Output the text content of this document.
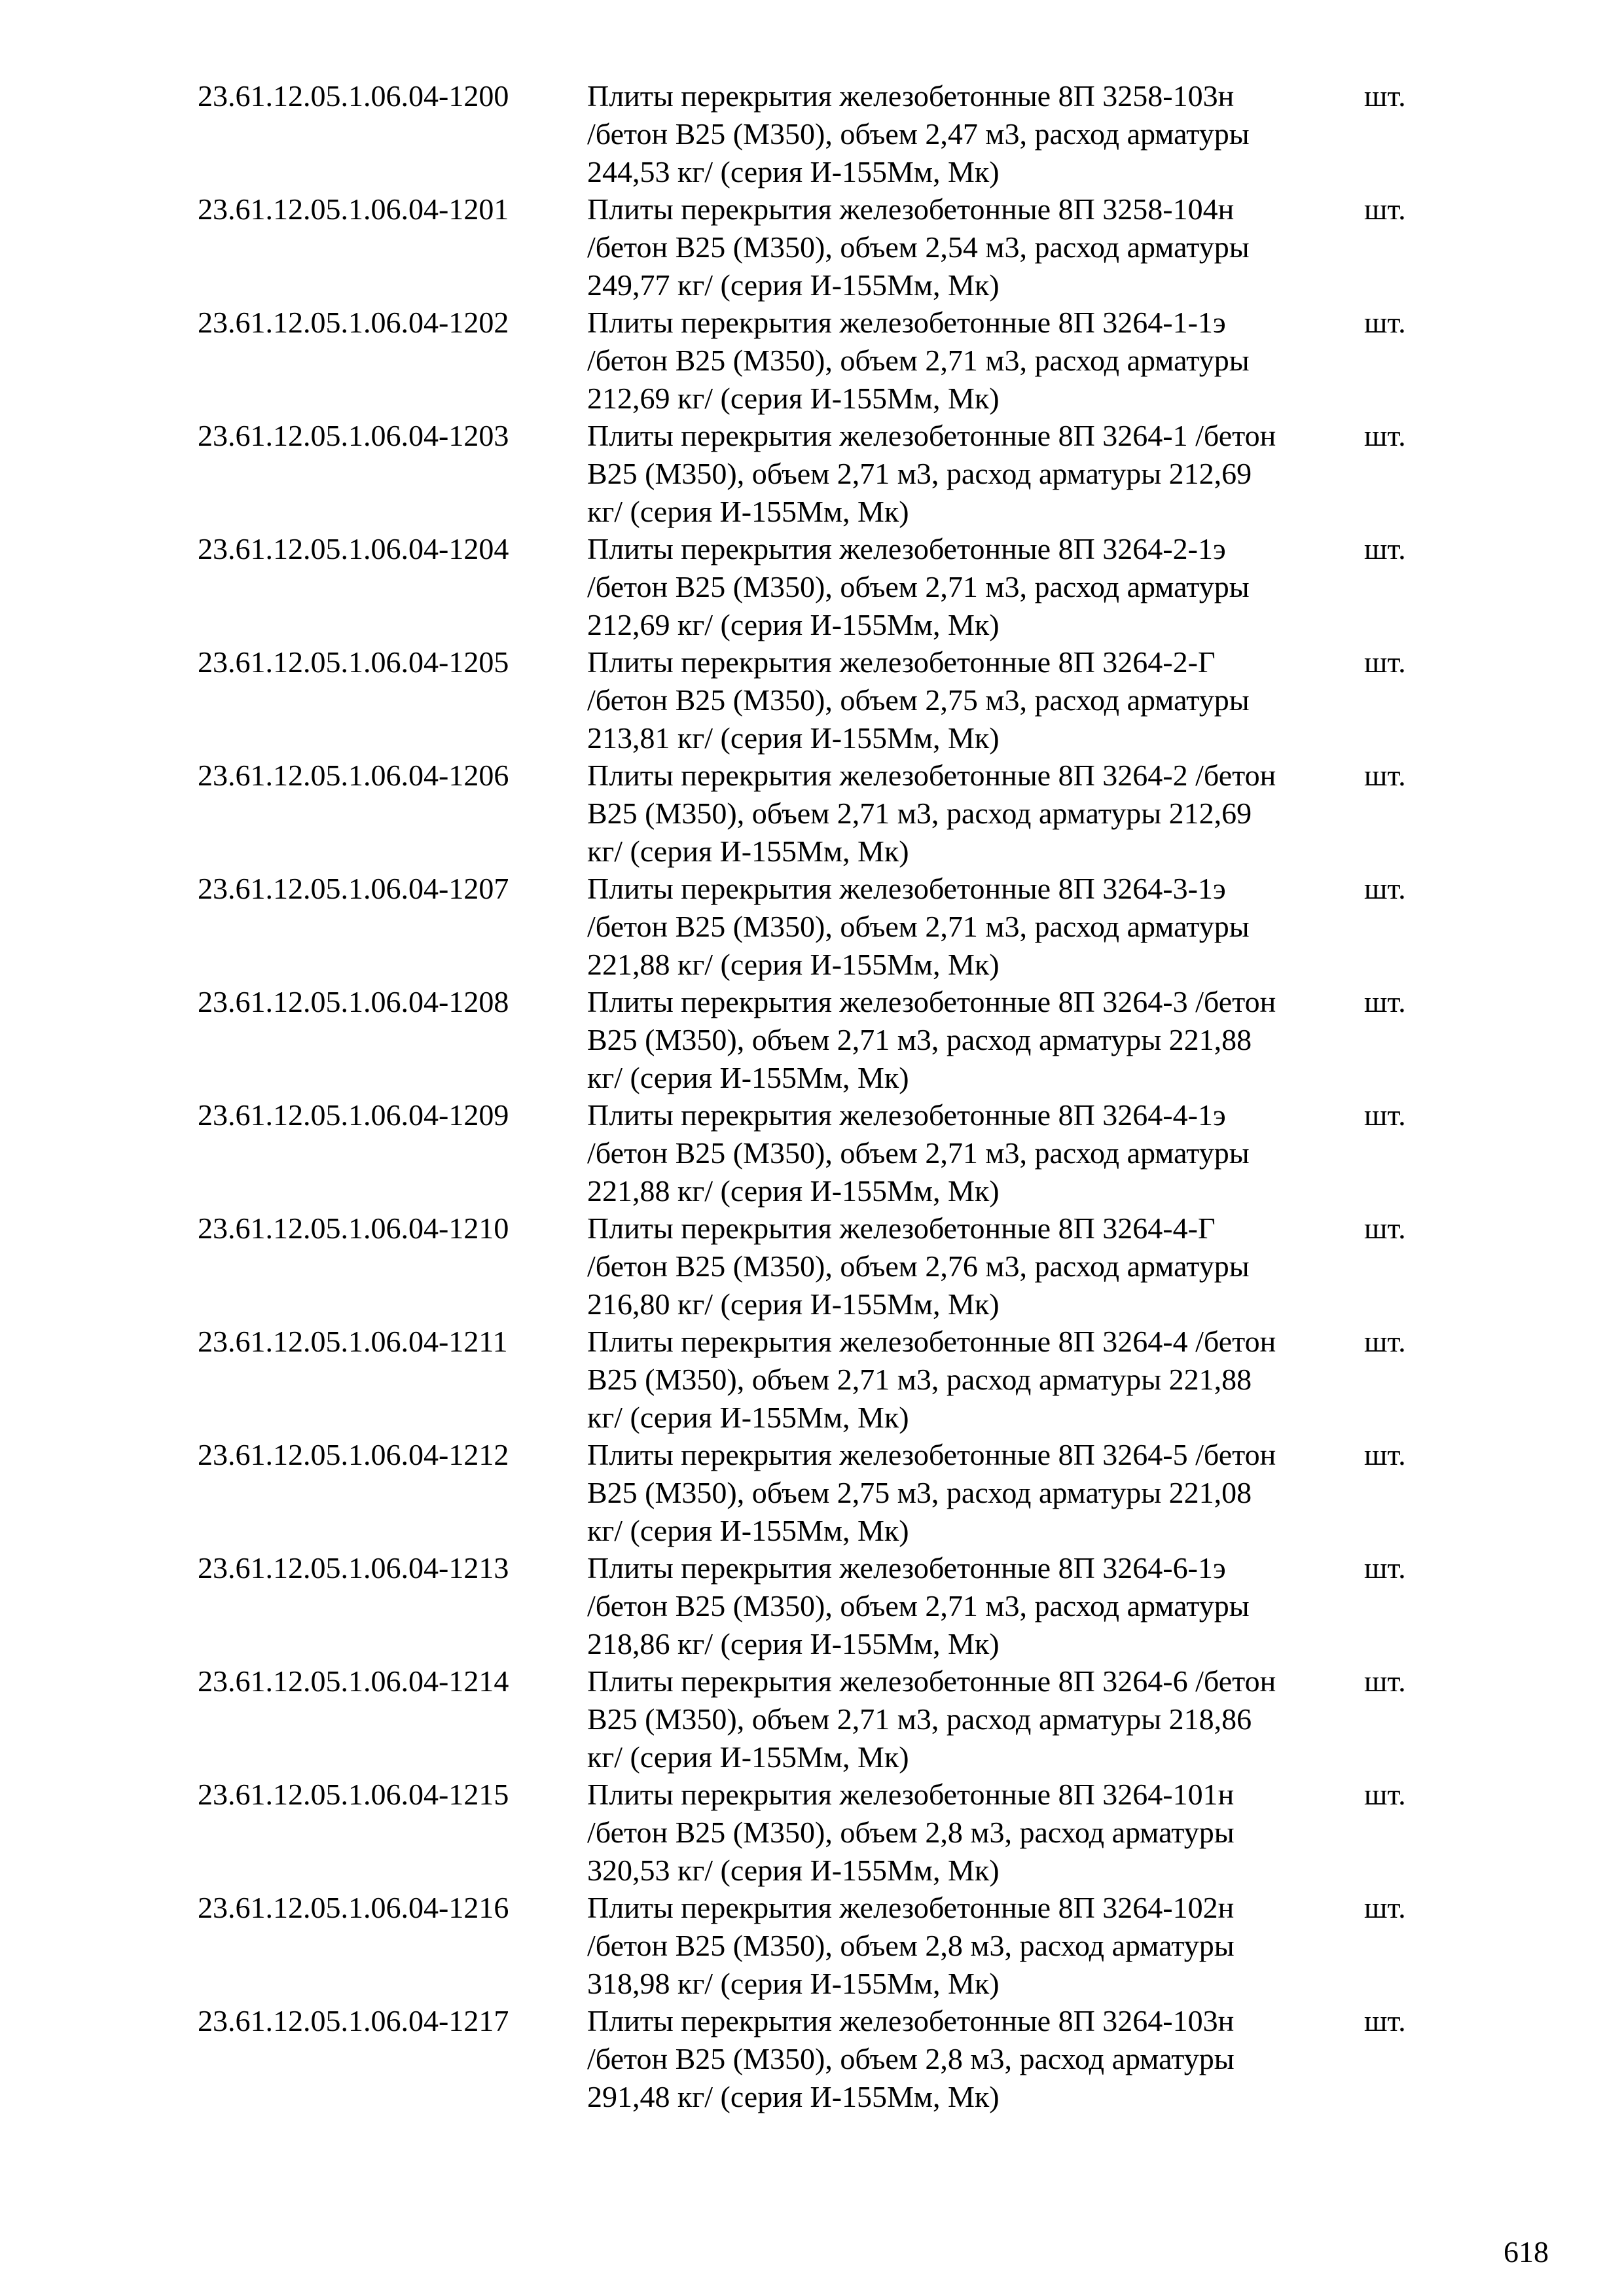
23.61.12.05.1.06.04-1200	Плиты перекрытия железобетонные 8П 3258-103н
/бетон B25 (M350), объем 2,47 м3, расход арматуры
244,53 кг/ (серия И-155Мм, Мк)
шт.
23.61.12.05.1.06.04-1201	Плиты перекрытия железобетонные 8П 3258-104н
/бетон B25 (M350), объем 2,54 м3, расход арматуры
249,77 кг/ (серия И-155Мм, Мк)
шт.
23.61.12.05.1.06.04-1202	Плиты перекрытия железобетонные 8П 3264-1-1э
/бетон B25 (M350), объем 2,71 м3, расход арматуры
212,69 кг/ (серия И-155Мм, Мк)
шт.
23.61.12.05.1.06.04-1203	Плиты перекрытия железобетонные 8П 3264-1 /бетон
B25 (M350), объем 2,71 м3, расход арматуры 212,69
кг/ (серия И-155Мм, Мк)
шт.
23.61.12.05.1.06.04-1204	Плиты перекрытия железобетонные 8П 3264-2-1э
/бетон B25 (M350), объем 2,71 м3, расход арматуры
212,69 кг/ (серия И-155Мм, Мк)
шт.
23.61.12.05.1.06.04-1205	Плиты перекрытия железобетонные 8П 3264-2-Г
/бетон B25 (M350), объем 2,75 м3, расход арматуры
213,81 кг/ (серия И-155Мм, Мк)
шт.
23.61.12.05.1.06.04-1206	Плиты перекрытия железобетонные 8П 3264-2 /бетон
B25 (M350), объем 2,71 м3, расход арматуры 212,69
кг/ (серия И-155Мм, Мк)
шт.
23.61.12.05.1.06.04-1207	Плиты перекрытия железобетонные 8П 3264-3-1э
/бетон B25 (M350), объем 2,71 м3, расход арматуры
221,88 кг/ (серия И-155Мм, Мк)
шт.
23.61.12.05.1.06.04-1208	Плиты перекрытия железобетонные 8П 3264-3 /бетон
B25 (M350), объем 2,71 м3, расход арматуры 221,88
кг/ (серия И-155Мм, Мк)
шт.
23.61.12.05.1.06.04-1209	Плиты перекрытия железобетонные 8П 3264-4-1э
/бетон B25 (M350), объем 2,71 м3, расход арматуры
221,88 кг/ (серия И-155Мм, Мк)
шт.
23.61.12.05.1.06.04-1210	Плиты перекрытия железобетонные 8П 3264-4-Г
/бетон B25 (M350), объем 2,76 м3, расход арматуры
216,80 кг/ (серия И-155Мм, Мк)
шт.
23.61.12.05.1.06.04-1211	Плиты перекрытия железобетонные 8П 3264-4 /бетон
B25 (M350), объем 2,71 м3, расход арматуры 221,88
кг/ (серия И-155Мм, Мк)
шт.
23.61.12.05.1.06.04-1212	Плиты перекрытия железобетонные 8П 3264-5 /бетон
B25 (M350), объем 2,75 м3, расход арматуры 221,08
кг/ (серия И-155Мм, Мк)
шт.
23.61.12.05.1.06.04-1213	Плиты перекрытия железобетонные 8П 3264-6-1э
/бетон B25 (M350), объем 2,71 м3, расход арматуры
218,86 кг/ (серия И-155Мм, Мк)
шт.
23.61.12.05.1.06.04-1214	Плиты перекрытия железобетонные 8П 3264-6 /бетон
B25 (M350), объем 2,71 м3, расход арматуры 218,86
кг/ (серия И-155Мм, Мк)
шт.
23.61.12.05.1.06.04-1215	Плиты перекрытия железобетонные 8П 3264-101н
/бетон B25 (M350), объем 2,8 м3, расход арматуры
320,53 кг/ (серия И-155Мм, Мк)
шт.
23.61.12.05.1.06.04-1216	Плиты перекрытия железобетонные 8П 3264-102н
/бетон B25 (M350), объем 2,8 м3, расход арматуры
318,98 кг/ (серия И-155Мм, Мк)
шт.
23.61.12.05.1.06.04-1217	Плиты перекрытия железобетонные 8П 3264-103н
/бетон B25 (M350), объем 2,8 м3, расход арматуры
291,48 кг/ (серия И-155Мм, Мк)
шт.
618
